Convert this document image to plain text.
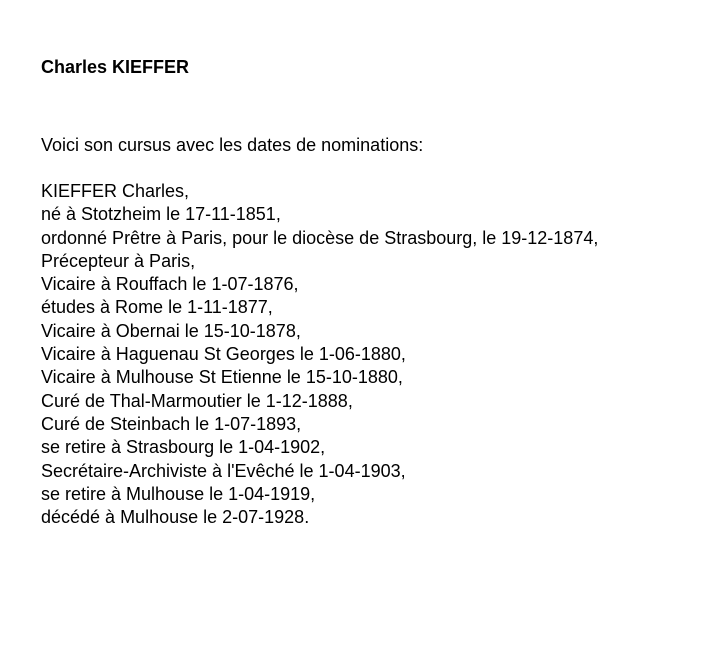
Charles KIEFFER

Voici son cursus avec les dates de nominations:

KIEFFER Charles,
né à Stotzheim le 17-11-1851,
ordonné Prêtre à Paris, pour le diocèse de Strasbourg, le 19-12-1874,
Précepteur à Paris,
Vicaire à Rouffach le 1-07-1876,
études à Rome le 1-11-1877,
Vicaire à Obernai le 15-10-1878,
Vicaire à Haguenau St Georges le 1-06-1880,
Vicaire à Mulhouse St Etienne le 15-10-1880,
Curé de Thal-Marmoutier le 1-12-1888,
Curé de Steinbach le 1-07-1893,
se retire à Strasbourg le 1-04-1902,
Secrétaire-Archiviste à l'Evêché le 1-04-1903,
se retire à Mulhouse le 1-04-1919,
décédé à Mulhouse le 2-07-1928.
